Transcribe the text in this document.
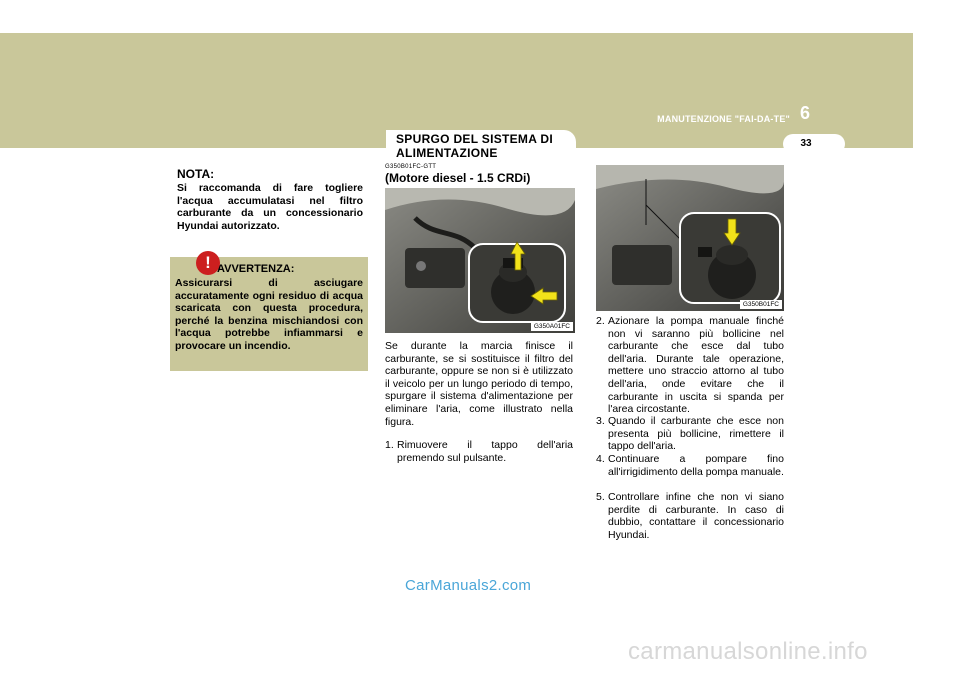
6
MANUTENZIONE "FAI-DA-TE"
33
SPURGO DEL SISTEMA DI
ALIMENTAZIONE
NOTA:
Si raccomanda di fare togliere l'acqua accumulatasi nel filtro carburante da un concessionario Hyundai autorizzato.
! AVVERTENZA:
Assicurarsi di asciugare accuratamente ogni residuo di acqua scaricata con questa procedura, perché la benzina mischiandosi con l'acqua potrebbe infiammarsi e provocare un incendio.
G350B01FC-GTT
(Motore diesel - 1.5 CRDi)
G350A01FC
Se durante la marcia finisce il carburante, se si sostituisce il filtro del carburante, oppure se non si è utilizzato il veicolo per un lungo periodo di tempo, spurgare il sistema d'alimentazione per eliminare l'aria, come illustrato nella figura.
1. Rimuovere il tappo dell'aria premendo sul pulsante.
G350B01FC
2. Azionare la pompa manuale finché non vi saranno più bollicine nel carburante che esce dal tubo dell'aria. Durante tale operazione, mettere uno straccio attorno al tubo dell'aria, onde evitare che il carburante in uscita si spanda per l'area circostante.
3. Quando il carburante che esce non presenta più bollicine, rimettere il tappo dell'aria.
4. Continuare a pompare fino all'irrigidimento della pompa manuale.
5. Controllare infine che non vi siano perdite di carburante. In caso di dubbio, contattare il concessionario Hyundai.
CarManuals2.com
carmanualsonline.info
